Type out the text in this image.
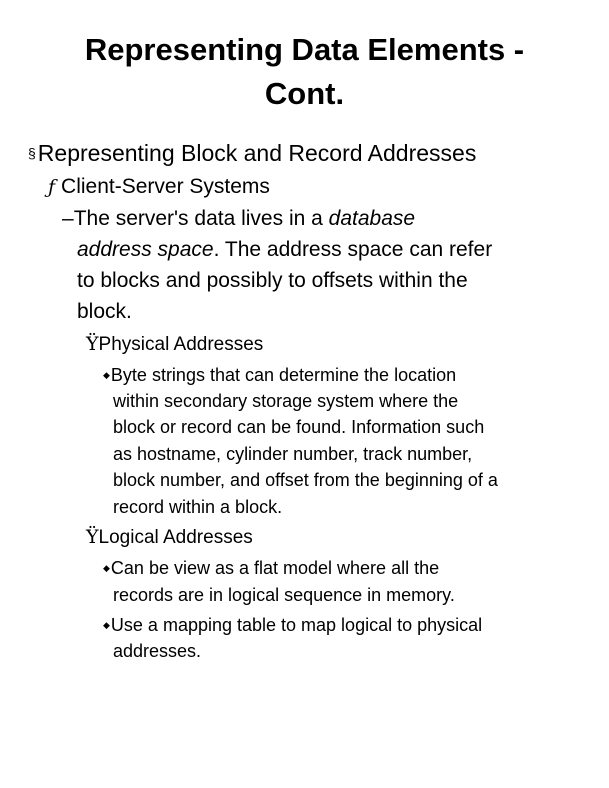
Representing Data Elements -
Cont.
§Representing Block and Record Addresses
ƒ Client-Server Systems
–The server's data lives in a database
address space. The address space can refer
to blocks and possibly to offsets within the
block.
ŸPhysical Addresses
◆Byte strings that can determine the location
within secondary storage system where the
block or record can be found. Information such
as hostname, cylinder number, track number,
block number, and offset from the beginning of a
record within a block.
ŸLogical Addresses
◆Can be view as a flat model where all the
records are in logical sequence in memory.
◆Use a mapping table to map logical to physical
addresses.
